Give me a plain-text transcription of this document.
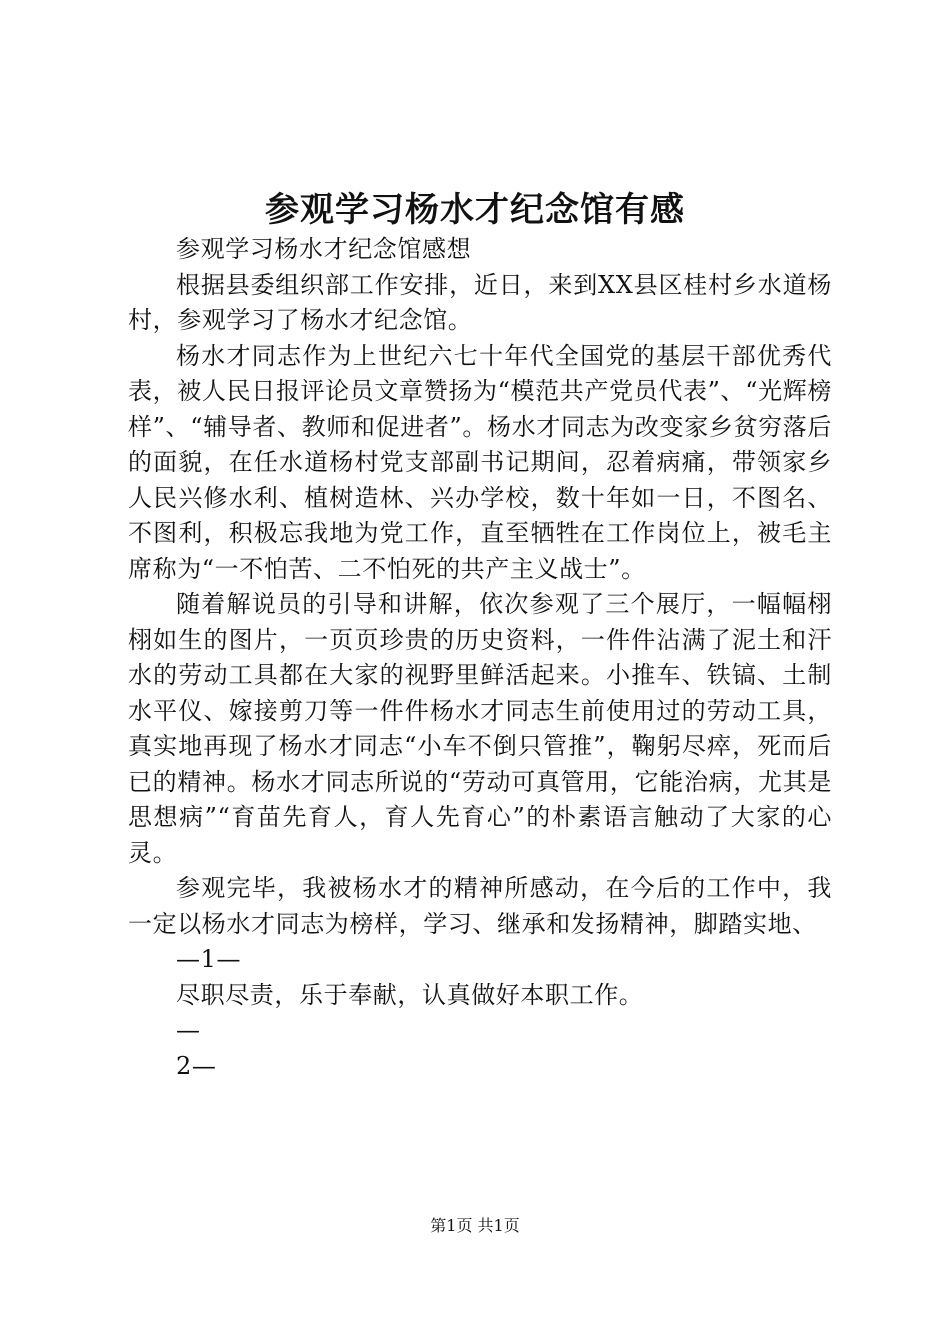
参观学习杨水才纪念馆有感

参观学习杨水才纪念馆感想

根据县委组织部工作安排，近日，来到XX县区桂村乡水道杨村，参观学习了杨水才纪念馆。

杨水才同志作为上世纪六七十年代全国党的基层干部优秀代表，被人民日报评论员文章赞扬为“模范共产党员代表”、“光辉榜样”、“辅导者、教师和促进者”。杨水才同志为改变家乡贫穷落后的面貌，在任水道杨村党支部副书记期间，忍着病痛，带领家乡人民兴修水利、植树造林、兴办学校，数十年如一日，不图名、不图利，积极忘我地为党工作，直至牺牲在工作岗位上，被毛主席称为“一不怕苦、二不怕死的共产主义战士”。

随着解说员的引导和讲解，依次参观了三个展厅，一幅幅栩栩如生的图片，一页页珍贵的历史资料，一件件沾满了泥土和汗水的劳动工具都在大家的视野里鲜活起来。小推车、铁镐、土制水平仪、嫁接剪刀等一件件杨水才同志生前使用过的劳动工具，真实地再现了杨水才同志“小车不倒只管推”，鞠躬尽瘁，死而后已的精神。杨水才同志所说的“劳动可真管用，它能治病，尤其是思想病”“育苗先育人，育人先育心”的朴素语言触动了大家的心灵。

参观完毕，我被杨水才的精神所感动，在今后的工作中，我一定以杨水才同志为榜样，学习、继承和发扬精神，脚踏实地、

—1—

尽职尽责，乐于奉献，认真做好本职工作。

—

2—

第1页 共1页
